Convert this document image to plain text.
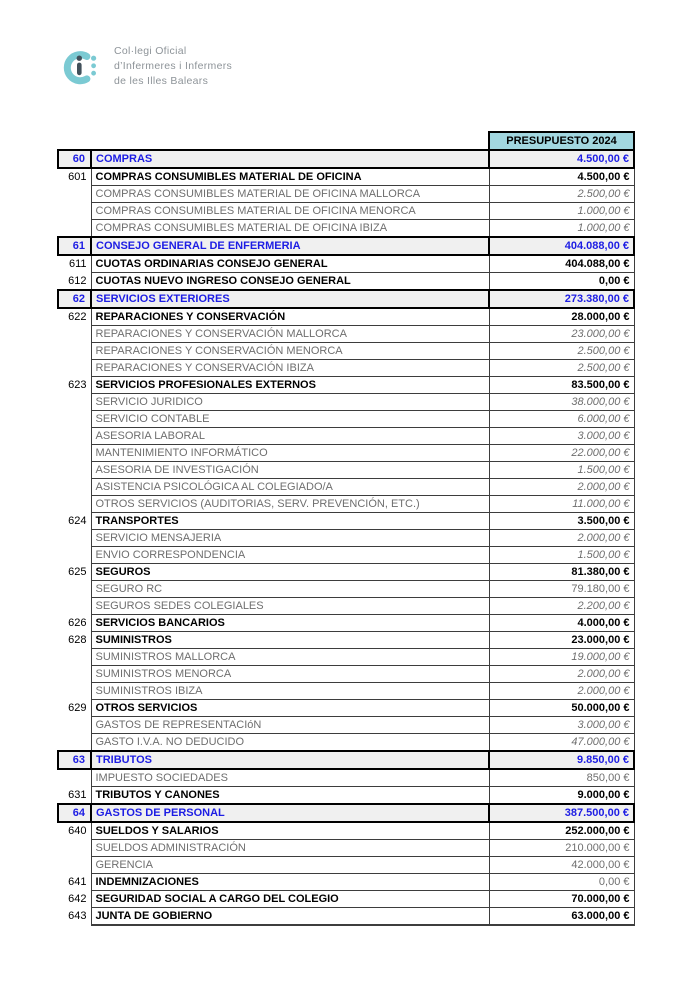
Col·legi Oficial
d’Infermeres i Infermers
de les Illes Balears
		PRESUPUESTO 2024
60	COMPRAS	4.500,00 €
601	COMPRAS CONSUMIBLES MATERIAL DE OFICINA	4.500,00 €
	COMPRAS CONSUMIBLES MATERIAL DE OFICINA MALLORCA	2.500,00 €
	COMPRAS CONSUMIBLES MATERIAL DE OFICINA MENORCA	1.000,00 €
	COMPRAS CONSUMIBLES MATERIAL DE OFICINA IBIZA	1.000,00 €
61	CONSEJO GENERAL DE ENFERMERIA	404.088,00 €
611	CUOTAS ORDINARIAS CONSEJO GENERAL	404.088,00 €
612	CUOTAS NUEVO INGRESO CONSEJO GENERAL	0,00 €
62	SERVICIOS EXTERIORES	273.380,00 €
622	REPARACIONES Y CONSERVACIÓN	28.000,00 €
	REPARACIONES Y CONSERVACIÓN MALLORCA	23.000,00 €
	REPARACIONES Y CONSERVACIÓN MENORCA	2.500,00 €
	REPARACIONES Y CONSERVACIÓN IBIZA	2.500,00 €
623	SERVICIOS PROFESIONALES EXTERNOS	83.500,00 €
	SERVICIO JURIDICO	38.000,00 €
	SERVICIO CONTABLE	6.000,00 €
	ASESORIA LABORAL	3.000,00 €
	MANTENIMIENTO INFORMÁTICO	22.000,00 €
	ASESORIA DE INVESTIGACIÓN	1.500,00 €
	ASISTENCIA PSICOLÓGICA AL COLEGIADO/A	2.000,00 €
	OTROS SERVICIOS (AUDITORIAS, SERV. PREVENCIÓN, ETC.)	11.000,00 €
624	TRANSPORTES	3.500,00 €
	SERVICIO MENSAJERIA	2.000,00 €
	ENVIO CORRESPONDENCIA	1.500,00 €
625	SEGUROS	81.380,00 €
	SEGURO RC	79.180,00 €
	SEGUROS SEDES COLEGIALES	2.200,00 €
626	SERVICIOS BANCARIOS	4.000,00 €
628	SUMINISTROS	23.000,00 €
	SUMINISTROS MALLORCA	19.000,00 €
	SUMINISTROS MENORCA	2.000,00 €
	SUMINISTROS IBIZA	2.000,00 €
629	OTROS SERVICIOS	50.000,00 €
	GASTOS DE REPRESENTACIóN	3.000,00 €
	GASTO I.V.A. NO DEDUCIDO	47.000,00 €
63	TRIBUTOS	9.850,00 €
	IMPUESTO SOCIEDADES	850,00 €
631	TRIBUTOS Y CANONES	9.000,00 €
64	GASTOS DE PERSONAL	387.500,00 €
640	SUELDOS Y SALARIOS	252.000,00 €
	SUELDOS ADMINISTRACIÓN	210.000,00 €
	GERENCIA	42.000,00 €
641	INDEMNIZACIONES	0,00 €
642	SEGURIDAD SOCIAL A CARGO DEL COLEGIO	70.000,00 €
643	JUNTA DE GOBIERNO	63.000,00 €
